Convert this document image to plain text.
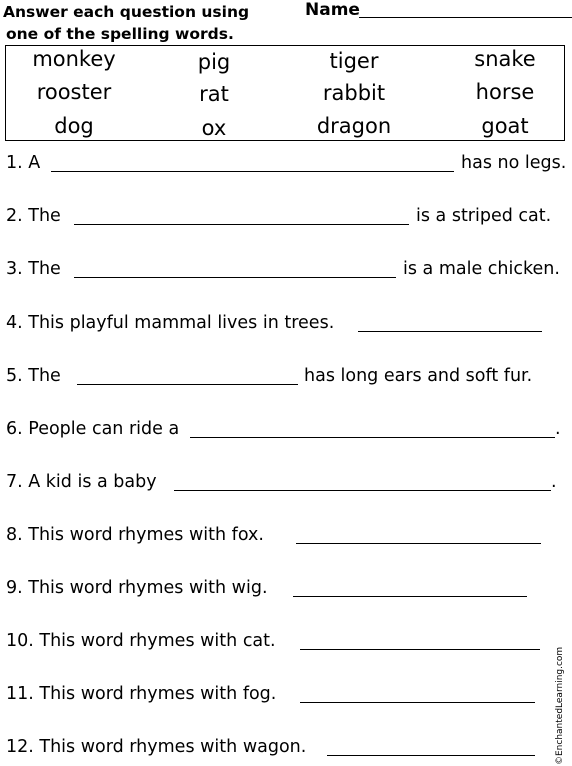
Answer each question using
one of the spelling words.
Name
monkey	pig	tiger	snake
rooster	rat	rabbit	horse
dog	ox	dragon	goat
1. A	has no legs.
2. The	is a striped cat.
3. The	is a male chicken.
4. This playful mammal lives in trees.
5. The	has long ears and soft fur.
6. People can ride a	.
7. A kid is a baby	.
8. This word rhymes with fox.
9. This word rhymes with wig.
10. This word rhymes with cat.
11. This word rhymes with fog.
12. This word rhymes with wagon.	©EnchantedLearning.com
